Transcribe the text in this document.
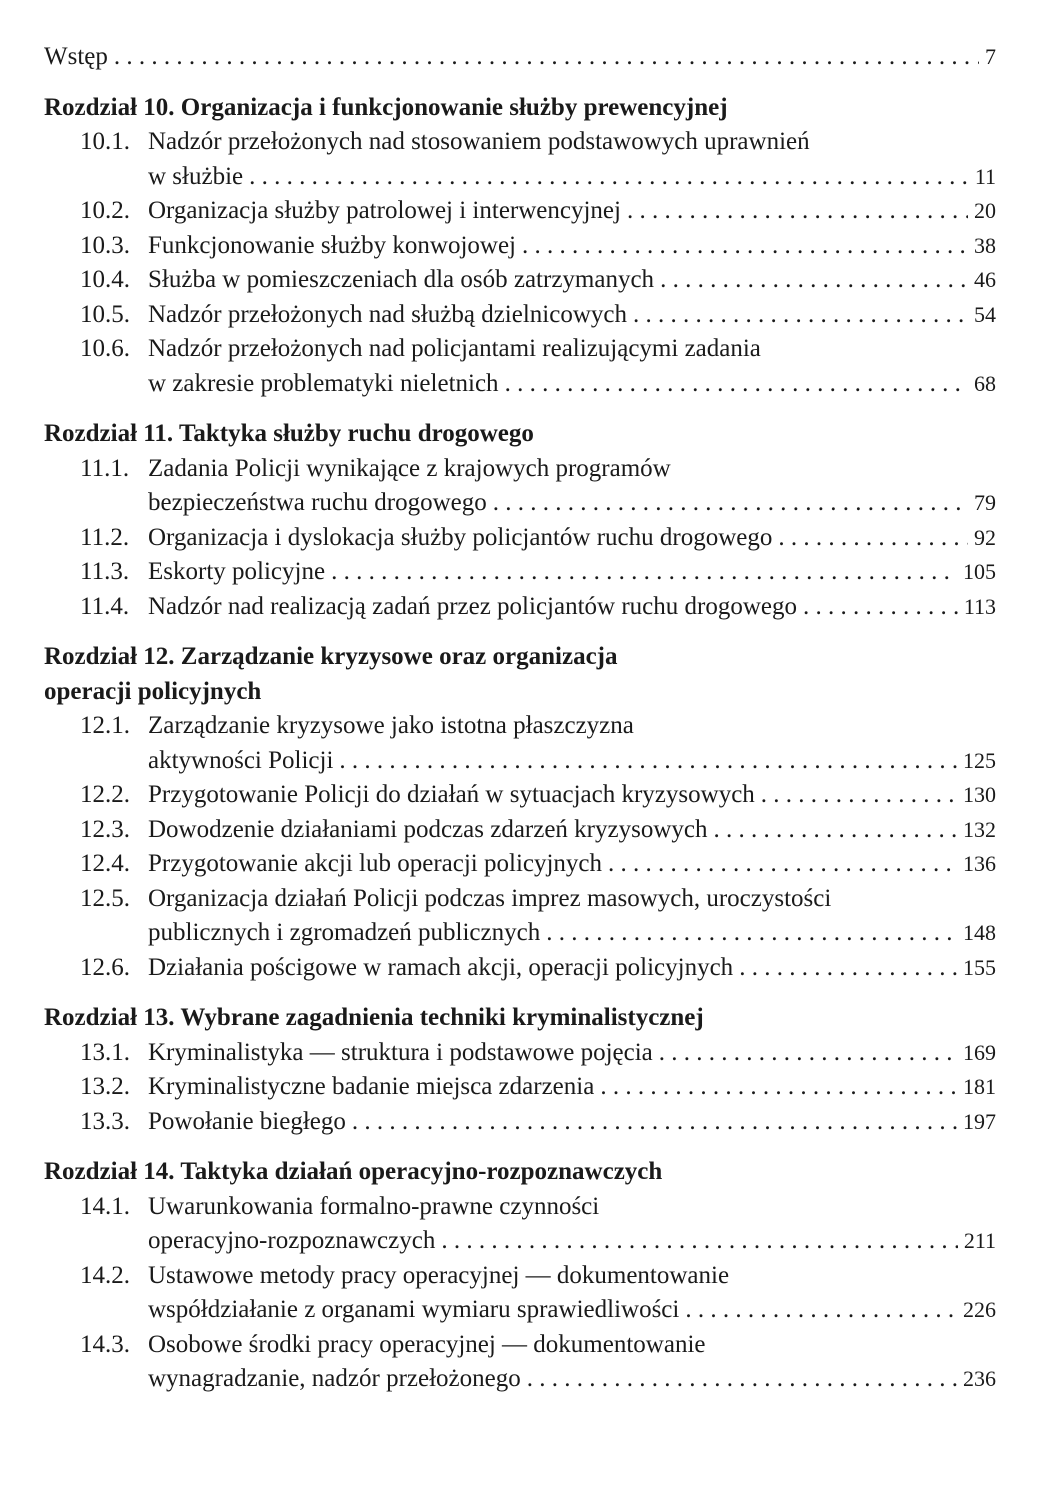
Wstęp . . .	7
Rozdział 10. Organizacja i funkcjonowanie służby prewencyjnej
10.1. Nadzór przełożonych nad stosowaniem podstawowych uprawnień
w służbie . . .	11
10.2. Organizacja służby patrolowej i interwencyjnej . . .	20
10.3. Funkcjonowanie służby konwojowej . . .	38
10.4. Służba w pomieszczeniach dla osób zatrzymanych . . .	46
10.5. Nadzór przełożonych nad służbą dzielnicowych . . .	54
10.6. Nadzór przełożonych nad policjantami realizującymi zadania
w zakresie problematyki nieletnich . . .	68
Rozdział 11. Taktyka służby ruchu drogowego
11.1. Zadania Policji wynikające z krajowych programów
bezpieczeństwa ruchu drogowego . . .	79
11.2. Organizacja i dyslokacja służby policjantów ruchu drogowego . . .	92
11.3. Eskorty policyjne . . .	105
11.4. Nadzór nad realizacją zadań przez policjantów ruchu drogowego . . .	113
Rozdział 12. Zarządzanie kryzysowe oraz organizacja
operacji policyjnych
12.1. Zarządzanie kryzysowe jako istotna płaszczyzna
aktywności Policji . . .	125
12.2. Przygotowanie Policji do działań w sytuacjach kryzysowych . . .	130
12.3. Dowodzenie działaniami podczas zdarzeń kryzysowych . . .	132
12.4. Przygotowanie akcji lub operacji policyjnych . . .	136
12.5. Organizacja działań Policji podczas imprez masowych, uroczystości
publicznych i zgromadzeń publicznych . . .	148
12.6. Działania pościgowe w ramach akcji, operacji policyjnych . . .	155
Rozdział 13. Wybrane zagadnienia techniki kryminalistycznej
13.1. Kryminalistyka — struktura i podstawowe pojęcia . . .	169
13.2. Kryminalistyczne badanie miejsca zdarzenia . . .	181
13.3. Powołanie biegłego . . .	197
Rozdział 14. Taktyka działań operacyjno-rozpoznawczych
14.1. Uwarunkowania formalno-prawne czynności
operacyjno-rozpoznawczych . . .	211
14.2. Ustawowe metody pracy operacyjnej — dokumentowanie
współdziałanie z organami wymiaru sprawiedliwości . . .	226
14.3. Osobowe środki pracy operacyjnej — dokumentowanie
wynagradzanie, nadzór przełożonego . . .	236
